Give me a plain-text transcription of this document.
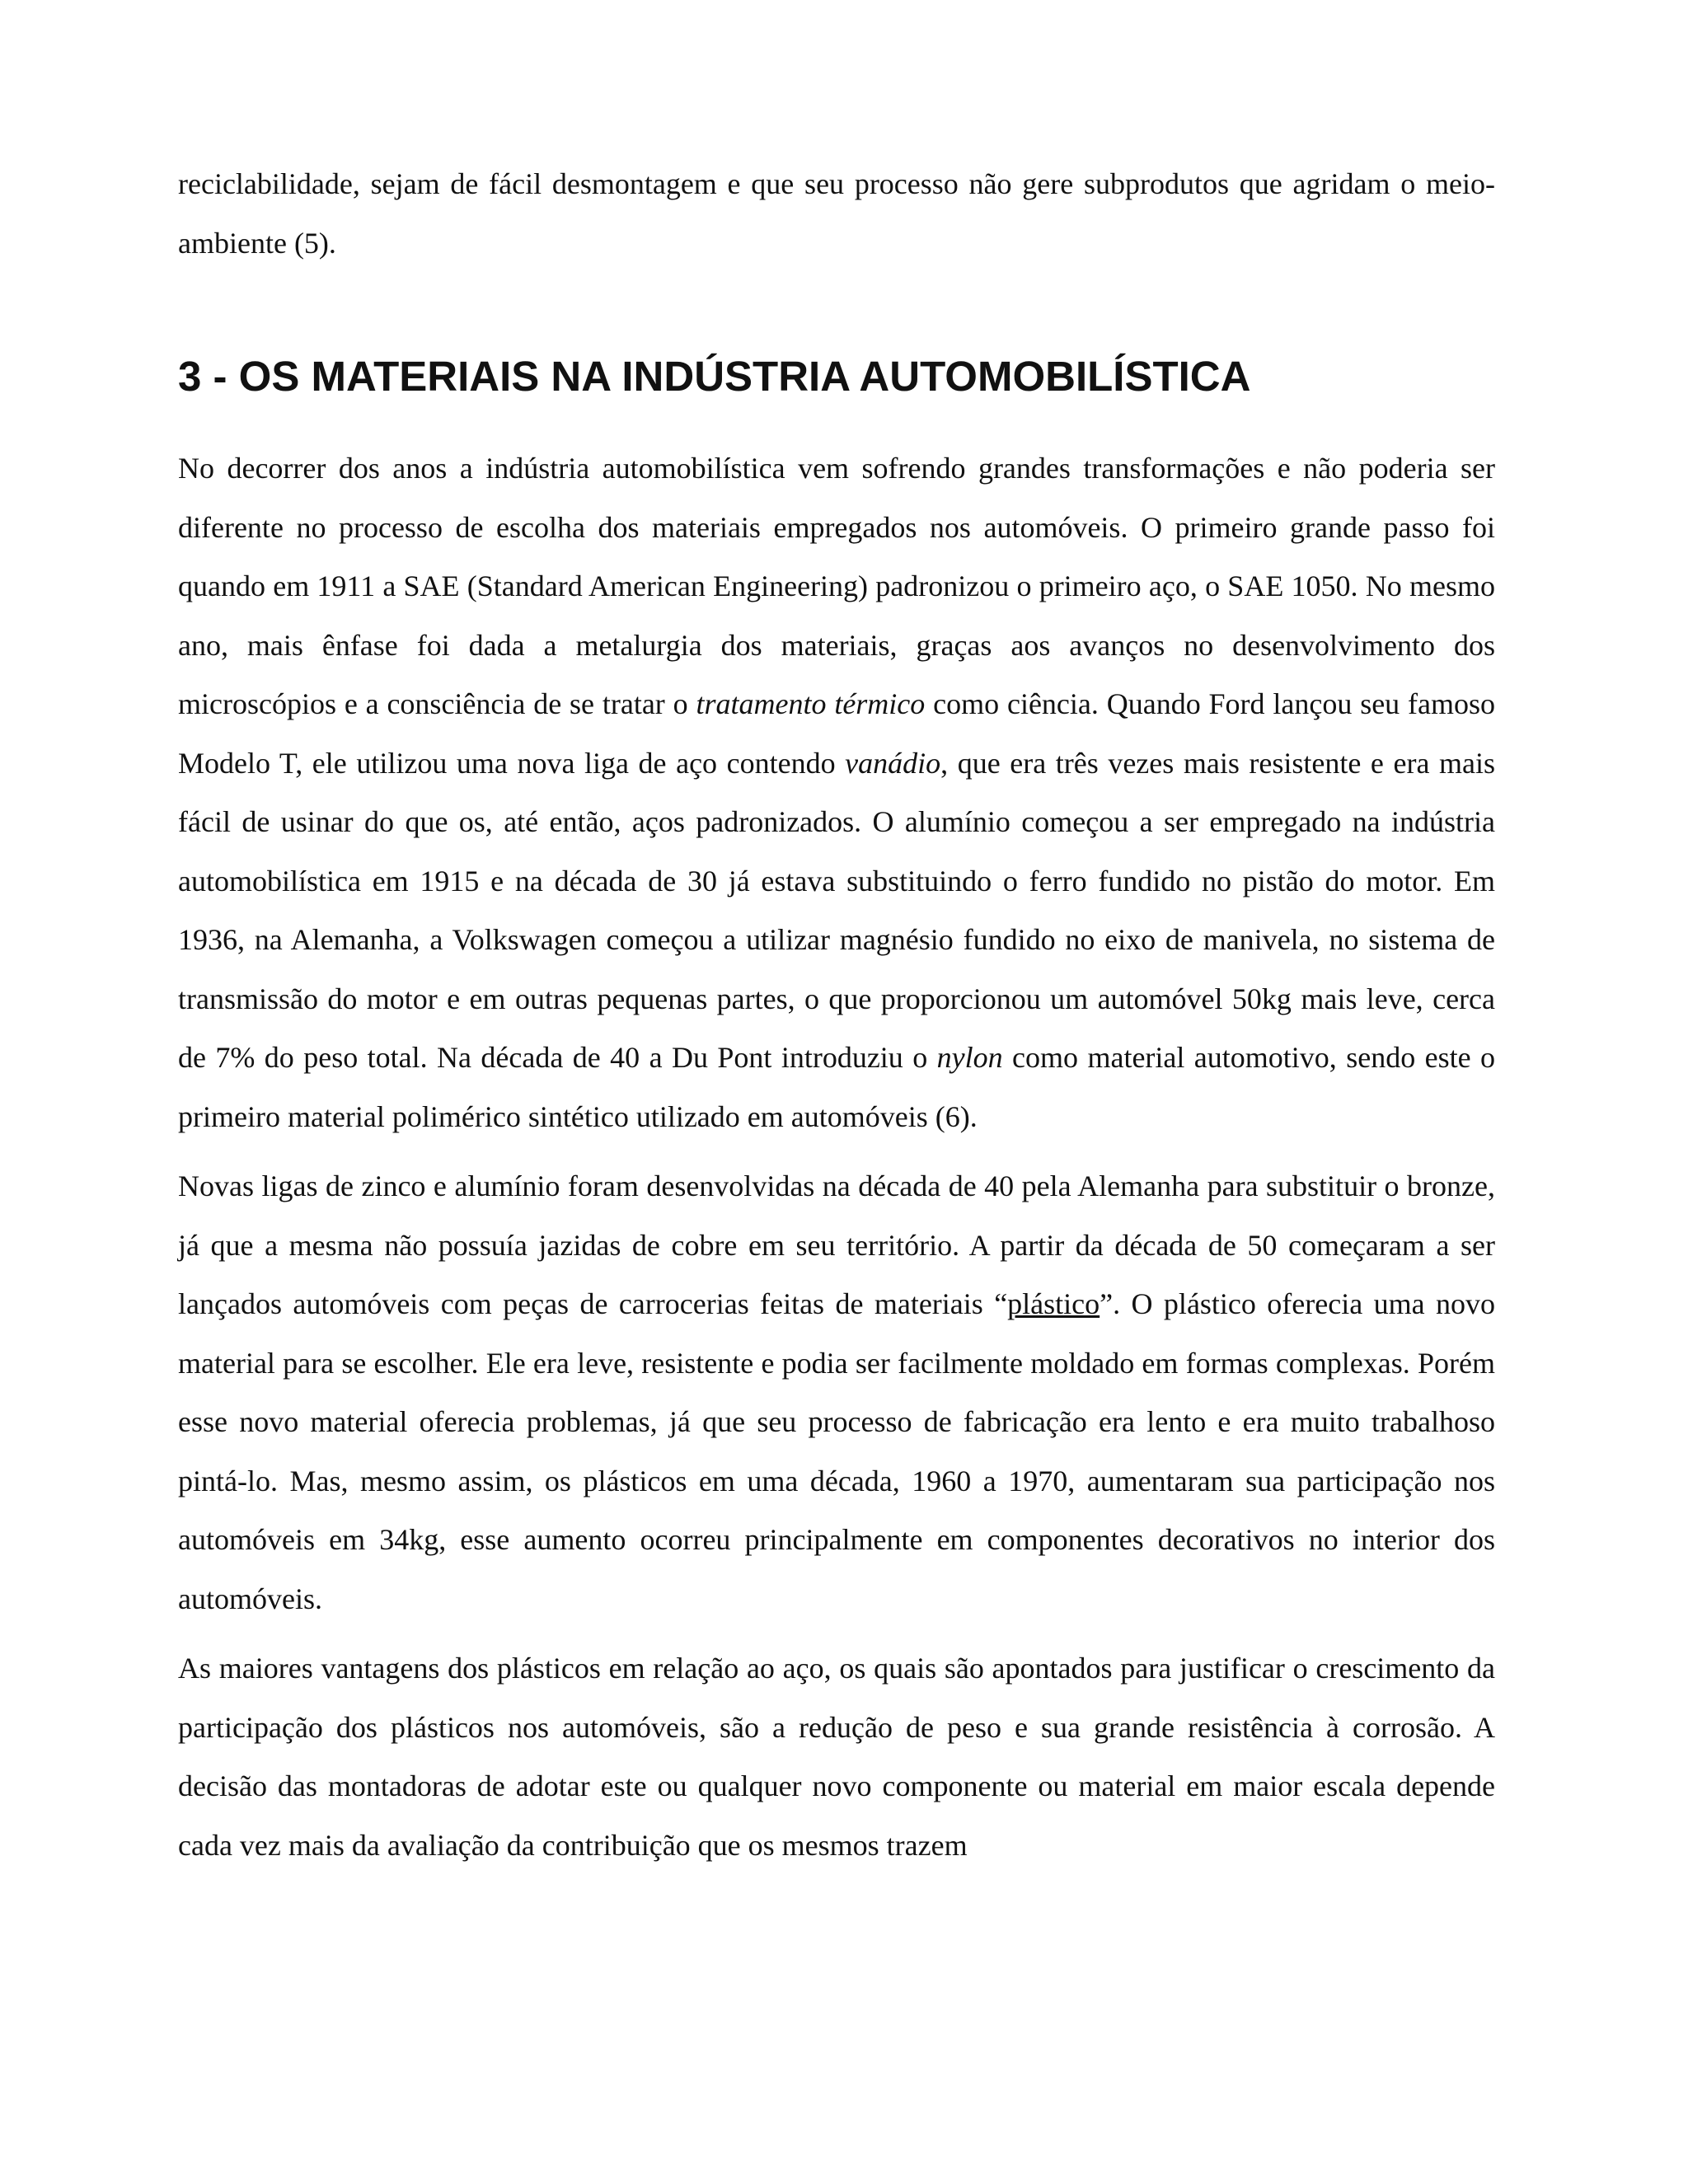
reciclabilidade, sejam de fácil desmontagem e que seu processo não gere subprodutos que agridam o meio-ambiente (5).

3 - OS MATERIAIS NA INDÚSTRIA AUTOMOBILÍSTICA

No decorrer dos anos a indústria automobilística vem sofrendo grandes transformações e não poderia ser diferente no processo de escolha dos materiais empregados nos automóveis. O primeiro grande passo foi quando em 1911 a SAE (Standard American Engineering) padronizou o primeiro aço, o SAE 1050. No mesmo ano, mais ênfase foi dada a metalurgia dos materiais, graças aos avanços no desenvolvimento dos microscópios e a consciência de se tratar o tratamento térmico como ciência. Quando Ford lançou seu famoso Modelo T, ele utilizou uma nova liga de aço contendo vanádio, que era três vezes mais resistente e era mais fácil de usinar do que os, até então, aços padronizados. O alumínio começou a ser empregado na indústria automobilística em 1915 e na década de 30 já estava substituindo o ferro fundido no pistão do motor. Em 1936, na Alemanha, a Volkswagen começou a utilizar magnésio fundido no eixo de manivela, no sistema de transmissão do motor e em outras pequenas partes, o que proporcionou um automóvel 50kg mais leve, cerca de 7% do peso total. Na década de 40 a Du Pont introduziu o nylon como material automotivo, sendo este o primeiro material polimérico sintético utilizado em automóveis (6).

Novas ligas de zinco e alumínio foram desenvolvidas na década de 40 pela Alemanha para substituir o bronze, já que a mesma não possuía jazidas de cobre em seu território. A partir da década de 50 começaram a ser lançados automóveis com peças de carrocerias feitas de materiais “plástico”. O plástico oferecia uma novo material para se escolher. Ele era leve, resistente e podia ser facilmente moldado em formas complexas. Porém esse novo material oferecia problemas, já que seu processo de fabricação era lento e era muito trabalhoso pintá-lo. Mas, mesmo assim, os plásticos em uma década, 1960 a 1970, aumentaram sua participação nos automóveis em 34kg, esse aumento ocorreu principalmente em componentes decorativos no interior dos automóveis.

As maiores vantagens dos plásticos em relação ao aço, os quais são apontados para justificar o crescimento da participação dos plásticos nos automóveis, são a redução de peso e sua grande resistência à corrosão. A decisão das montadoras de adotar este ou qualquer novo componente ou material em maior escala depende cada vez mais da avaliação da contribuição que os mesmos trazem
